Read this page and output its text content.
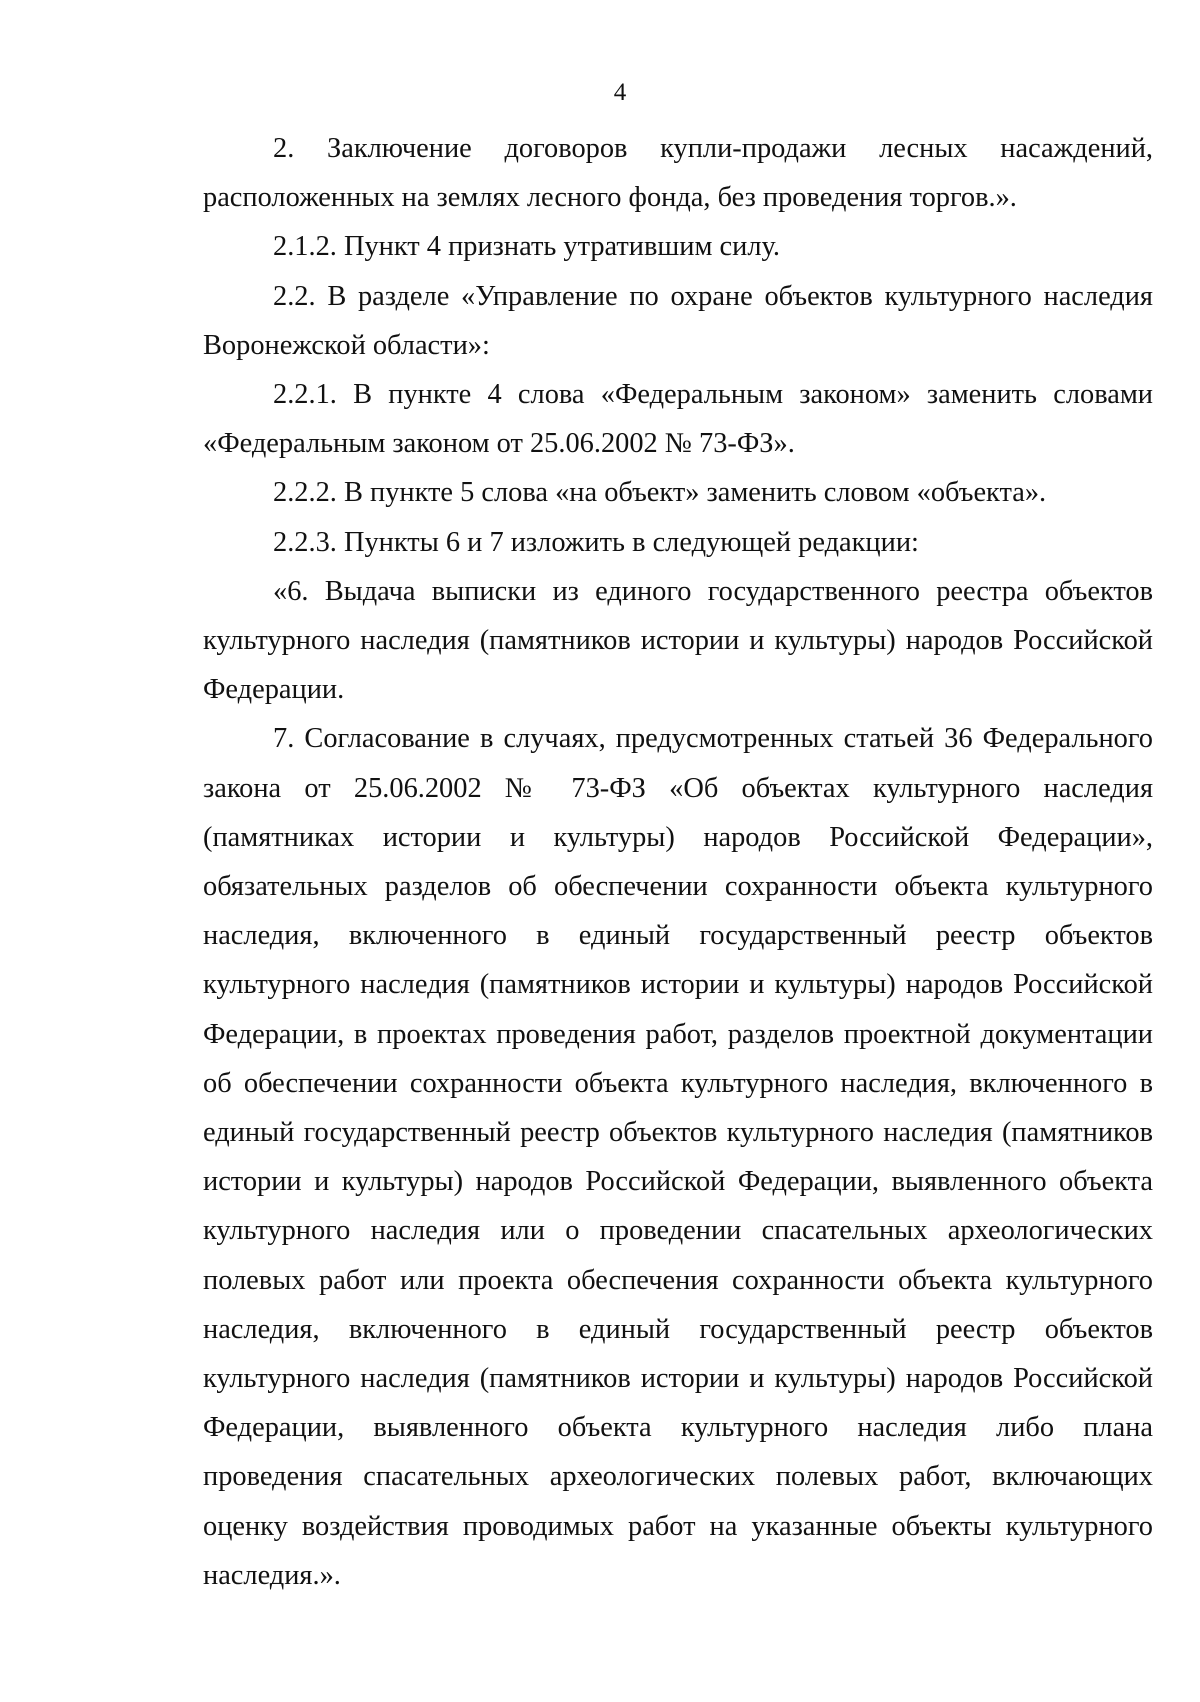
4

2. Заключение договоров купли-продажи лесных насаждений, расположенных на землях лесного фонда, без проведения торгов.».

2.1.2. Пункт 4 признать утратившим силу.

2.2. В разделе «Управление по охране объектов культурного наследия Воронежской области»:

2.2.1. В пункте 4 слова «Федеральным законом» заменить словами «Федеральным законом от 25.06.2002 № 73-ФЗ».

2.2.2. В пункте 5 слова «на объект» заменить словом «объекта».

2.2.3. Пункты 6 и 7 изложить в следующей редакции:

«6. Выдача выписки из единого государственного реестра объектов культурного наследия (памятников истории и культуры) народов Российской Федерации.

7. Согласование в случаях, предусмотренных статьей 36 Федерального закона от 25.06.2002 № 73-ФЗ «Об объектах культурного наследия (памятниках истории и культуры) народов Российской Федерации», обязательных разделов об обеспечении сохранности объекта культурного наследия, включенного в единый государственный реестр объектов культурного наследия (памятников истории и культуры) народов Российской Федерации, в проектах проведения работ, разделов проектной документации об обеспечении сохранности объекта культурного наследия, включенного в единый государственный реестр объектов культурного наследия (памятников истории и культуры) народов Российской Федерации, выявленного объекта культурного наследия или о проведении спасательных археологических полевых работ или проекта обеспечения сохранности объекта культурного наследия, включенного в единый государственный реестр объектов культурного наследия (памятников истории и культуры) народов Российской Федерации, выявленного объекта культурного наследия либо плана проведения спасательных археологических полевых работ, включающих оценку воздействия проводимых работ на указанные объекты культурного наследия.».
